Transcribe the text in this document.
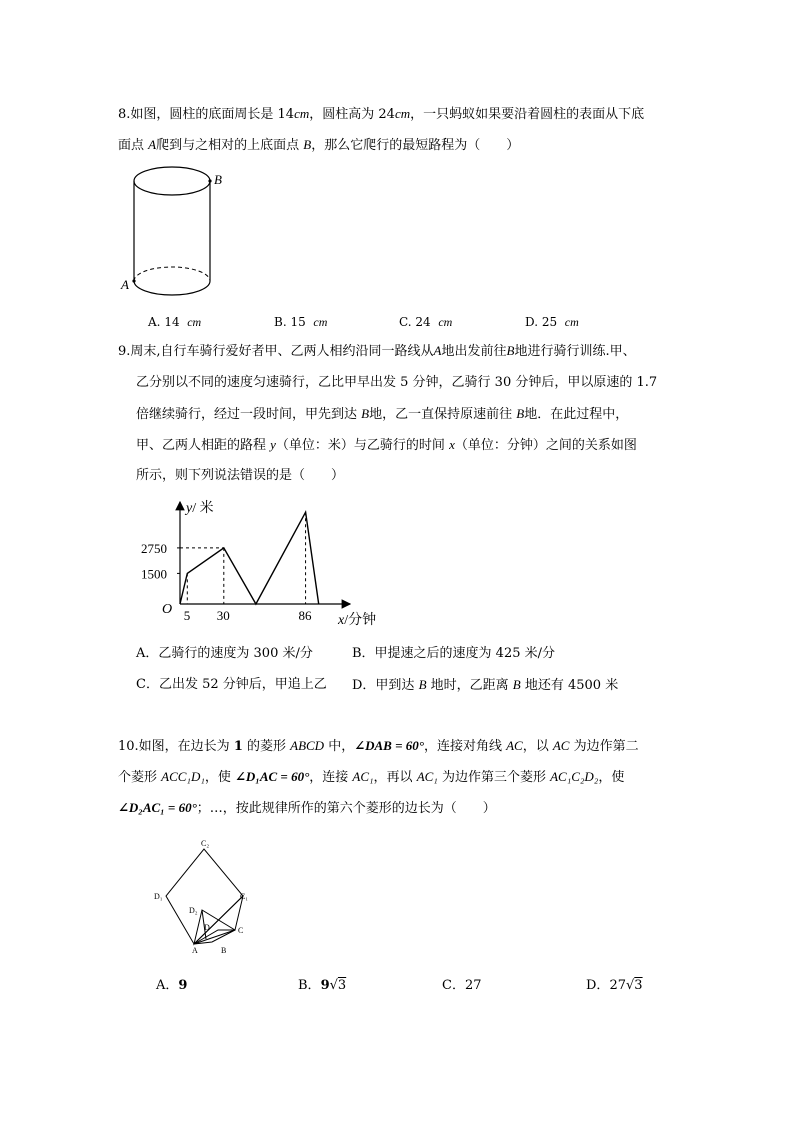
8.如图，圆柱的底面周长是 14cm，圆柱高为 24cm，一只蚂蚁如果要沿着圆柱的表面从下底
面点 A爬到与之相对的上底面点 B，那么它爬行的最短路程为（　　）
B
A
A. 14 cm	B. 15 cm	C. 24 cm	D. 25 cm
9.周末,自行车骑行爱好者甲、乙两人相约沿同一路线从A地出发前往B地进行骑行训练.甲、
乙分别以不同的速度匀速骑行，乙比甲早出发 5 分钟，乙骑行 30 分钟后，甲以原速的 1.7
倍继续骑行，经过一段时间，甲先到达 B地，乙一直保持原速前往 B地．在此过程中，
甲、乙两人相距的路程 y（单位：米）与乙骑行的时间 x（单位：分钟）之间的关系如图
所示，则下列说法错误的是（　　）
5 30	86
2750
1500
O
y/ 米
x/分钟
A．乙骑行的速度为 300 米/分	B．甲提速之后的速度为 425 米/分
C．乙出发 52 分钟后，甲追上乙 D．甲到达 B 地时，乙距离 B 地还有 4500 米
10.如图，在边长为 1 的菱形 ABCD 中，∠DAB = 60°，连接对角线 AC，以 AC 为边作第二
个菱形 ACC₁D₁，使 ∠D₁AC = 60°，连接 AC₁，再以 AC₁ 为边作第三个菱形 AC₁C₂D₂，使
∠D₂AC₁ = 60°；…，按此规律所作的第六个菱形的边长为（　　）
C₂
D₁	C₁
D₂
D	C
A	B
A．9	B．9√3	C．27	D．27√3
